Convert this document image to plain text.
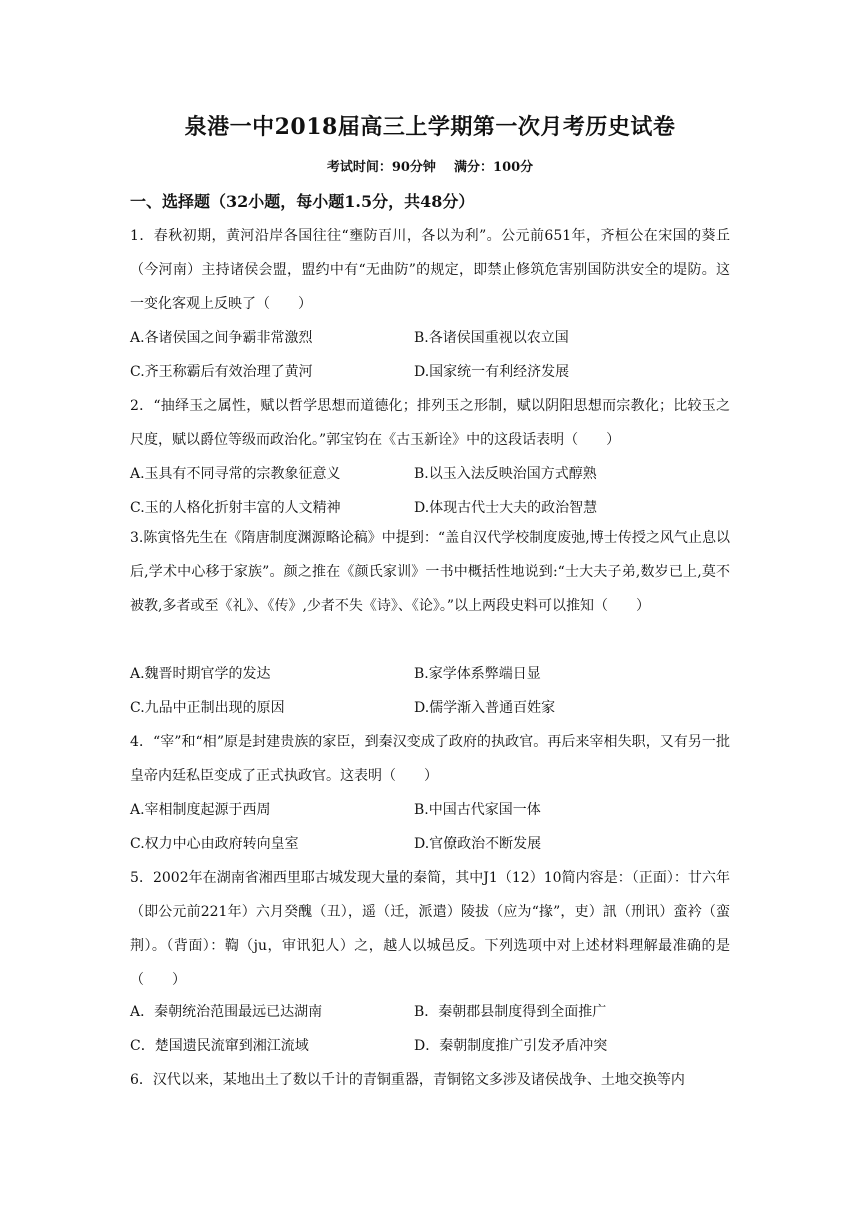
泉港一中2018届高三上学期第一次月考历史试卷
考试时间：90分钟    满分：100分
一、选择题（32小题，每小题1.5分，共48分）
1．春秋初期，黄河沿岸各国往往“壅防百川，各以为利”。公元前651年，齐桓公在宋国的葵丘（今河南）主持诸侯会盟，盟约中有“无曲防”的规定，即禁止修筑危害别国防洪安全的堤防。这一变化客观上反映了（　　）
A.各诸侯国之间争霸非常激烈	B.各诸侯国重视以农立国
C.齐王称霸后有效治理了黄河	D.国家统一有利经济发展
2．“抽绎玉之属性，赋以哲学思想而道德化；排列玉之形制，赋以阴阳思想而宗教化；比较玉之尺度，赋以爵位等级而政治化。”郭宝钧在《古玉新诠》中的这段话表明（　　）
A.玉具有不同寻常的宗教象征意义	B.以玉入法反映治国方式醇熟
C.玉的人格化折射丰富的人文精神	D.体现古代士大夫的政治智慧
3.陈寅恪先生在《隋唐制度渊源略论稿》中提到：“盖自汉代学校制度废弛,博士传授之风气止息以后,学术中心移于家族”。颜之推在《颜氏家训》一书中概括性地说到:“士大夫子弟,数岁已上,莫不被教,多者或至《礼》、《传》,少者不失《诗》、《论》。”以上两段史料可以推知（　　）
A.魏晋时期官学的发达	B.家学体系弊端日显
C.九品中正制出现的原因	D.儒学渐入普通百姓家
4．“宰”和“相”原是封建贵族的家臣，到秦汉变成了政府的执政官。再后来宰相失职，又有另一批皇帝内廷私臣变成了正式执政官。这表明（　　）
A.宰相制度起源于西周	B.中国古代家国一体
C.权力中心由政府转向皇室	D.官僚政治不断发展
5．2002年在湖南省湘西里耶古城发现大量的秦简，其中J1（12）10简内容是：（正面）：廿六年（即公元前221年）六月癸醜（丑），遥（迁，派遣）陵拔（应为“掾”，吏）訊（刑讯）蛮衿（蛮荆）。（背面）：鞫（ju，审讯犯人）之，越人以城邑反。下列选项中对上述材料理解最准确的是（　　）
A．秦朝统治范围最远已达湖南	B．秦朝郡县制度得到全面推广
C．楚国遗民流窜到湘江流域	D．秦朝制度推广引发矛盾冲突
6．汉代以来，某地出土了数以千计的青铜重器，青铜铭文多涉及诸侯战争、土地交换等内
